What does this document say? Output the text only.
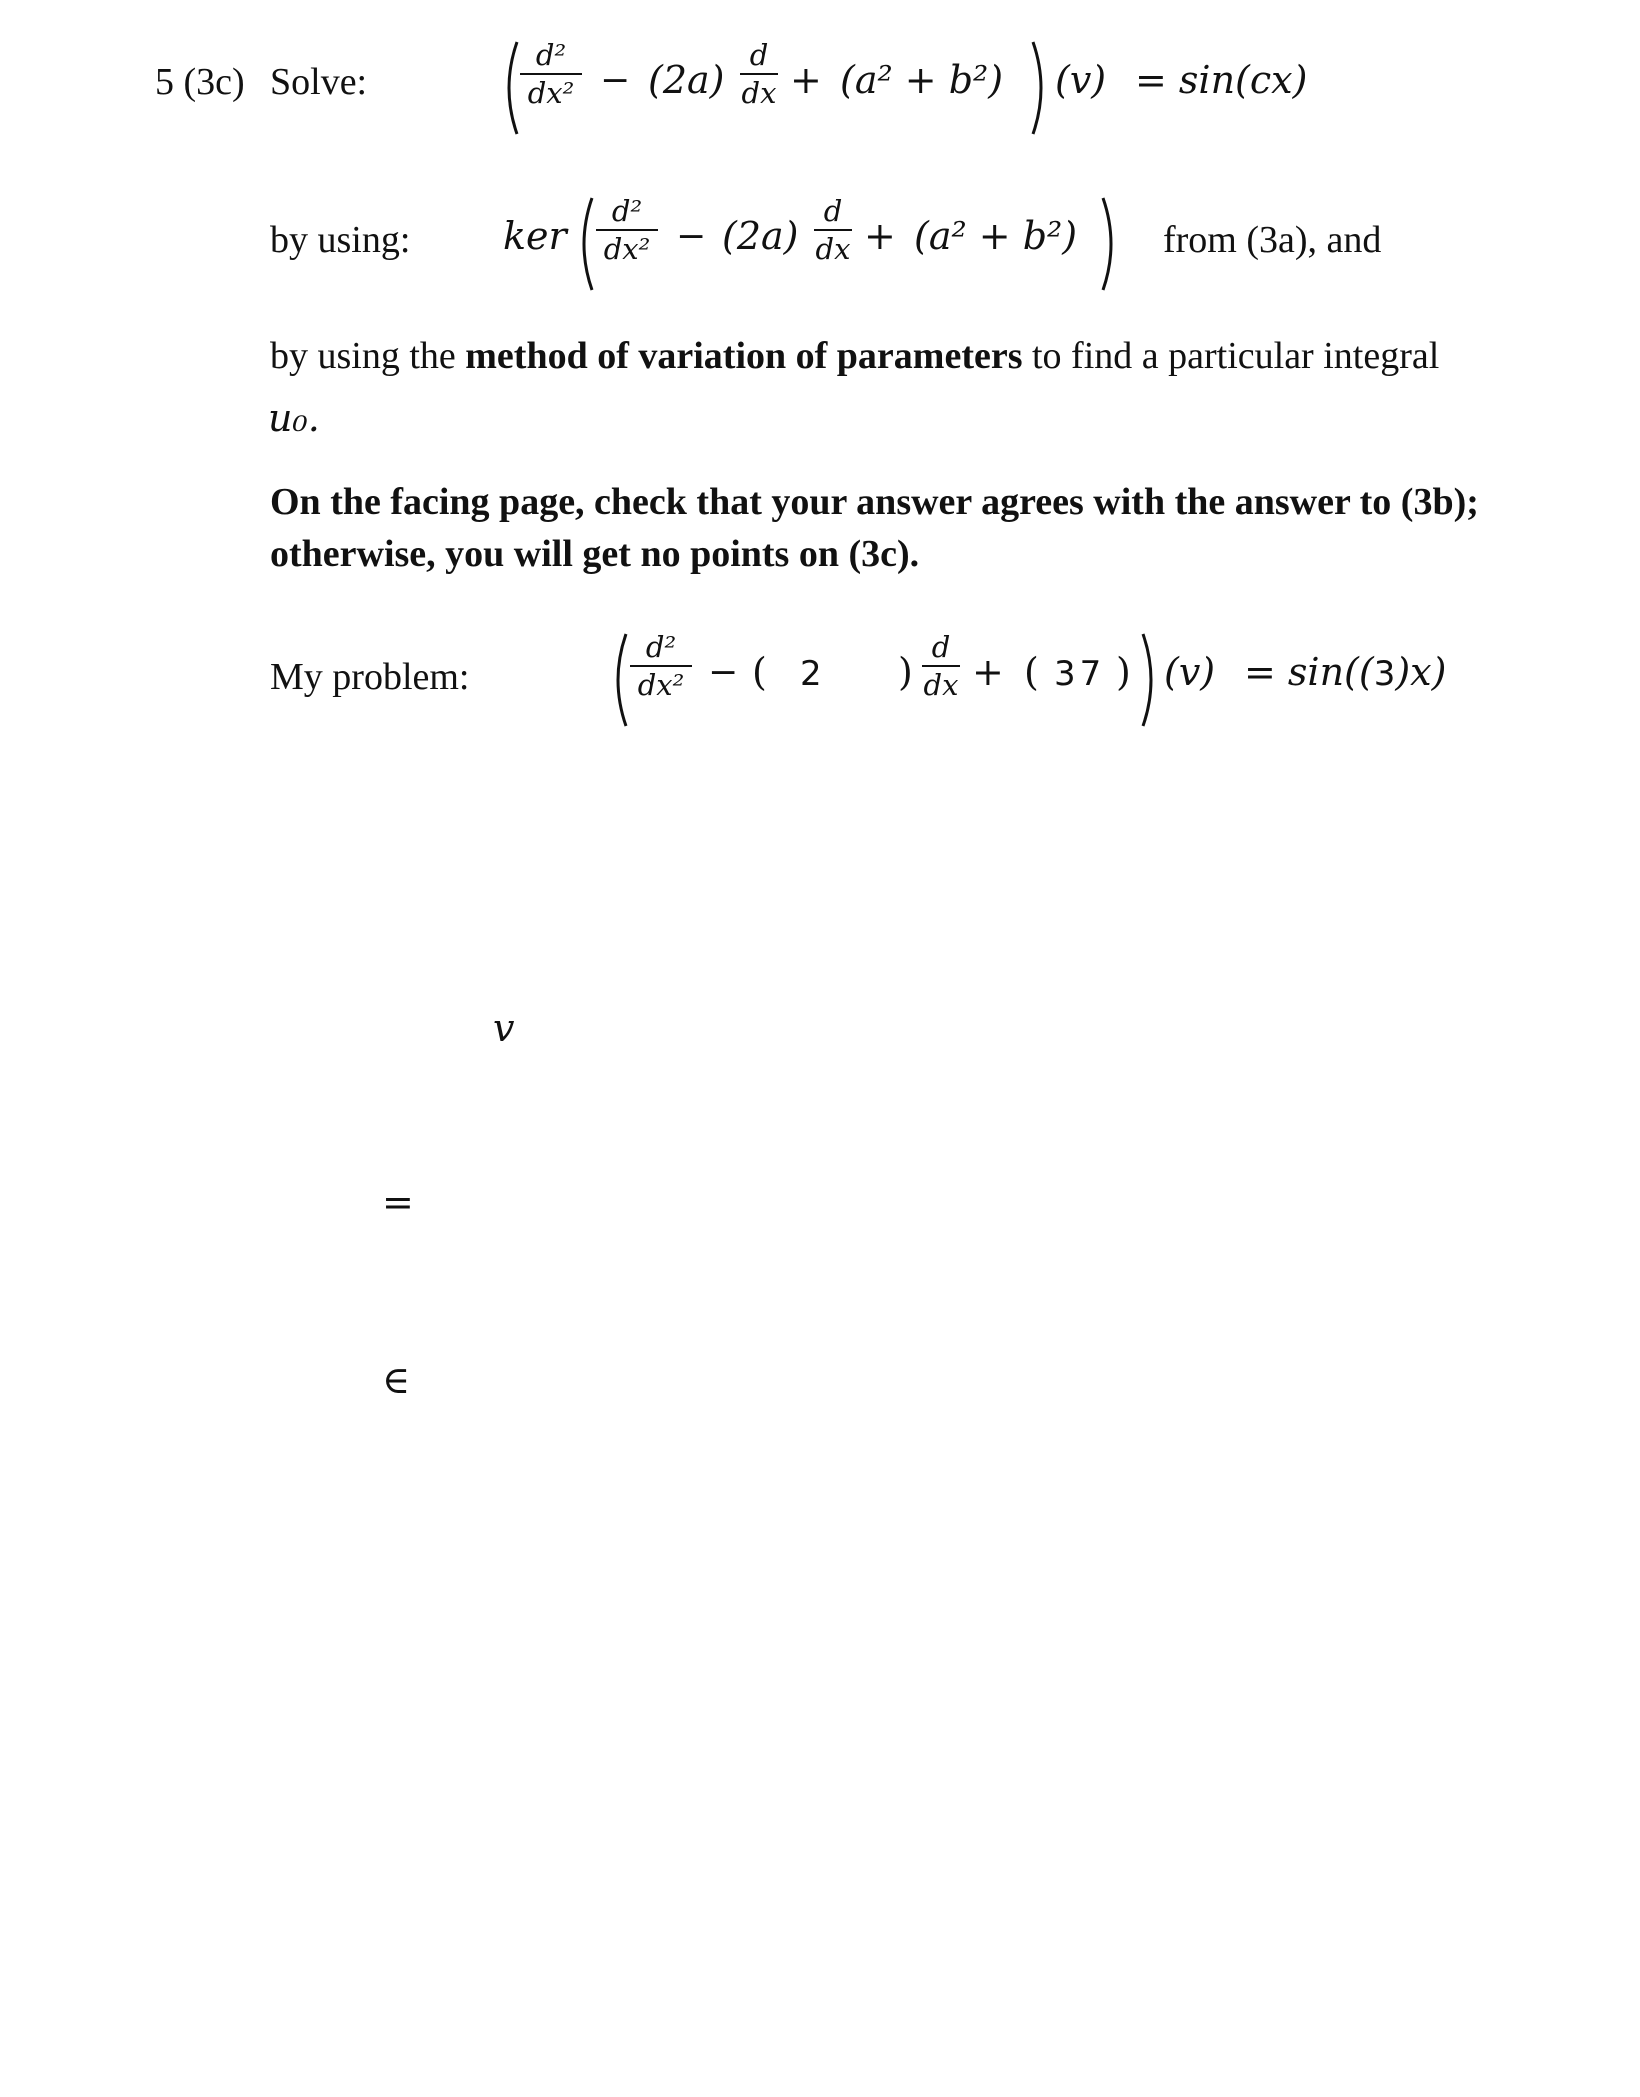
5 (3c) Solve:
d²
dx² − (2a)
d
dx + (a² + b²) (v) = sin(cx)
by using: ker
d²
dx² − (2a)
d
dx + (a² + b²) from (3a), and
by using the method of variation of parameters to find a particular integral
u₀.
On the facing page, check that your answer agrees with the answer to (3b);
otherwise, you will get no points on (3c).
My problem:
d²
dx² − ( 2 )
d
dx + ( 37 ) (v) = sin((3)x)
v
=
∈
